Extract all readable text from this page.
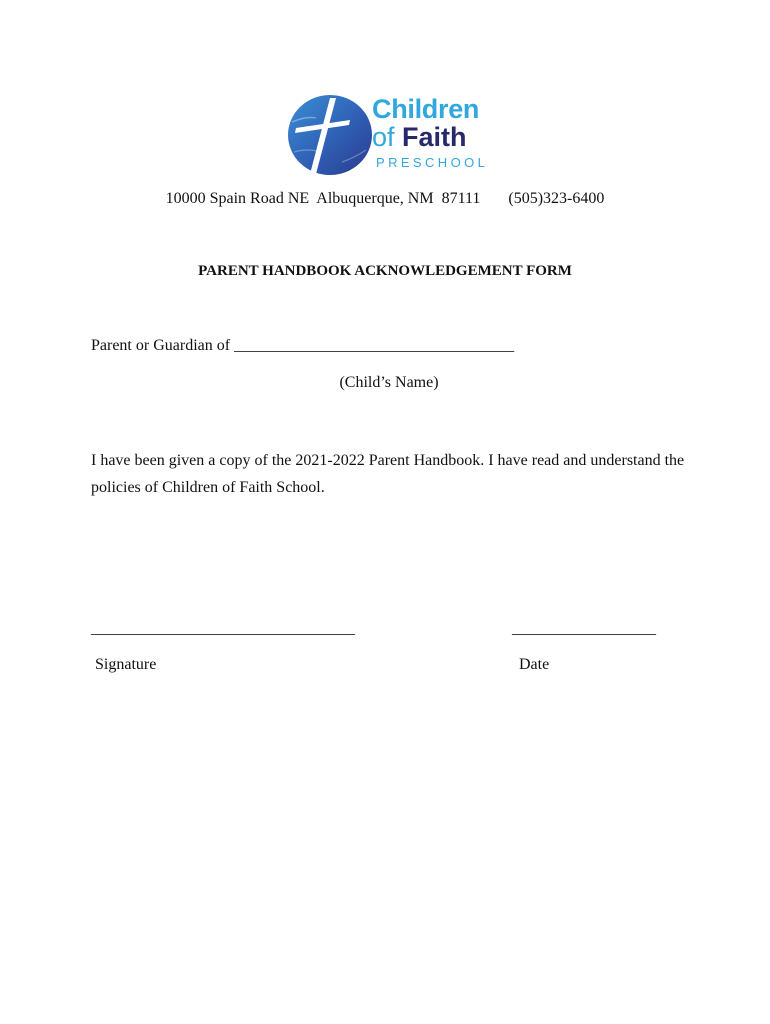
Children
of Faith
PRESCHOOL
10000 Spain Road NE  Albuquerque, NM  87111       (505)323-6400
PARENT HANDBOOK ACKNOWLEDGEMENT FORM
Parent or Guardian of ___________________________________
(Child’s Name)
I have been given a copy of the 2021-2022 Parent Handbook. I have read and understand the policies of Children of Faith School.
_________________________________	__________________
Signature	Date
